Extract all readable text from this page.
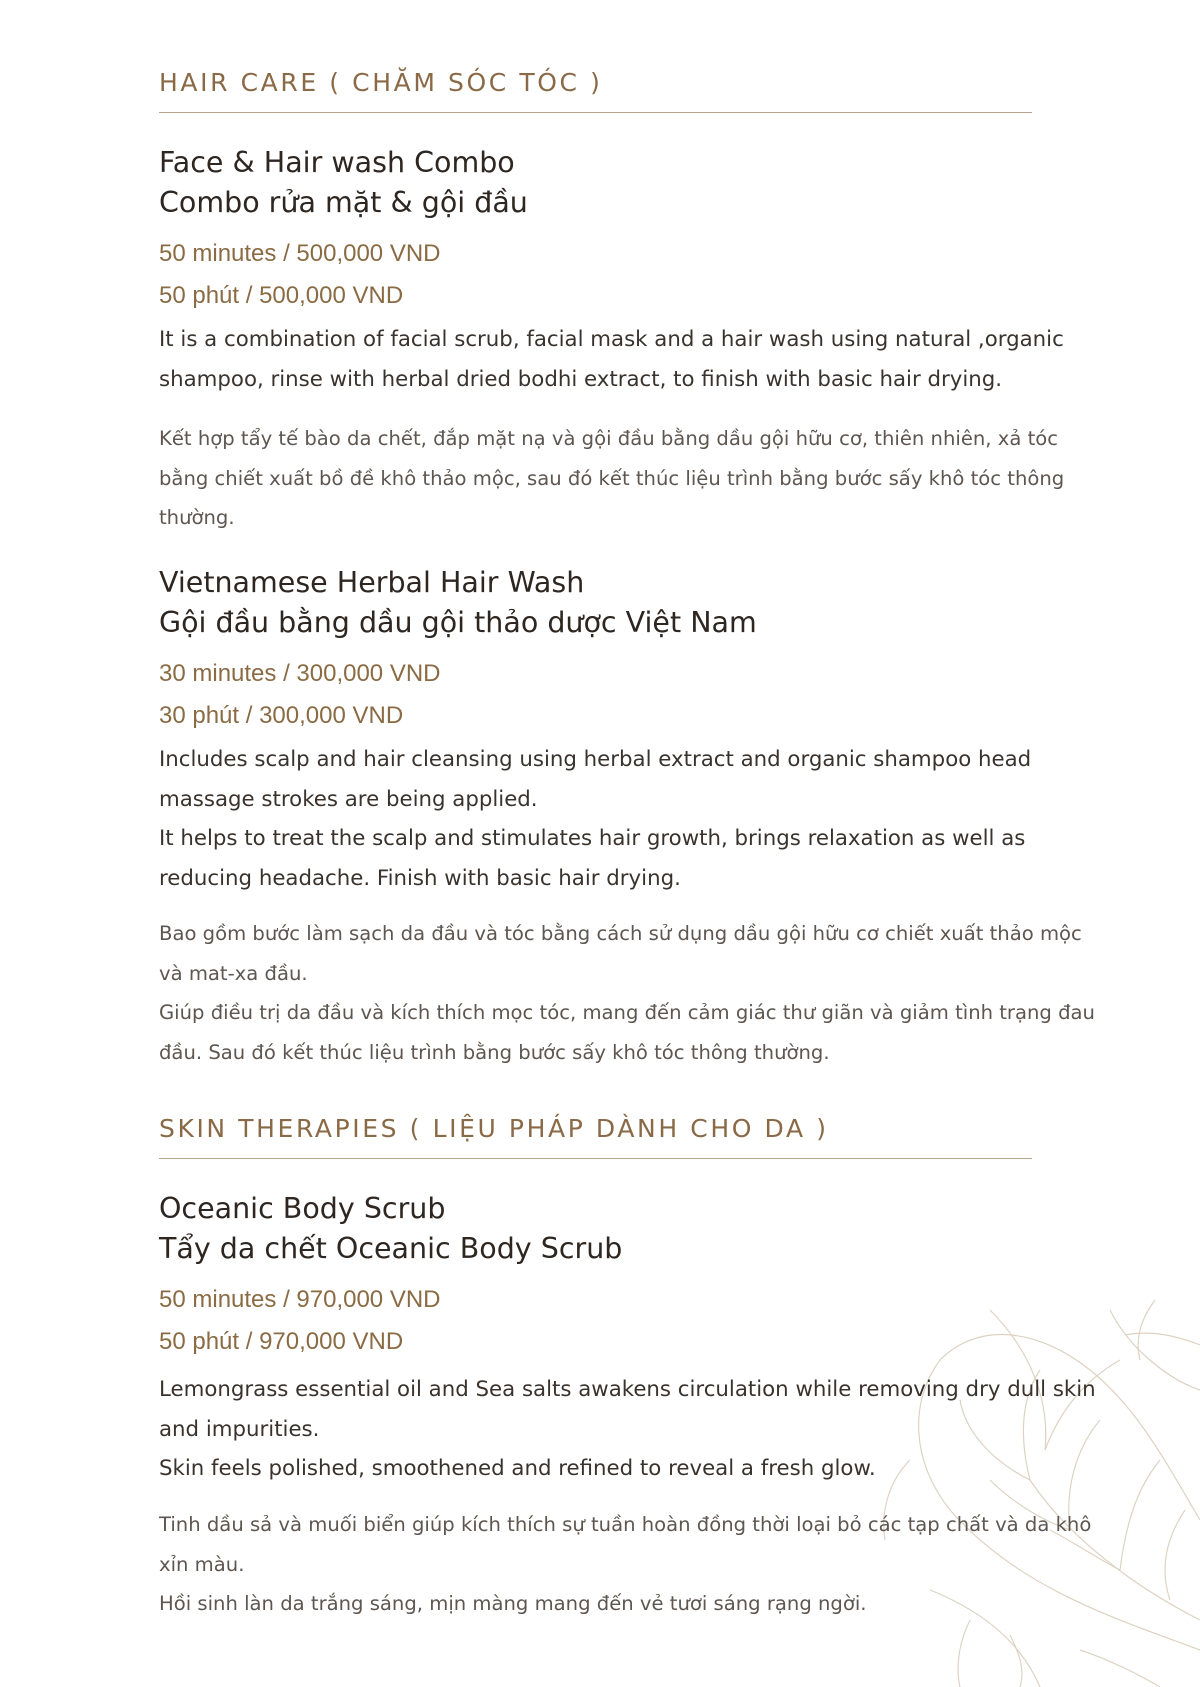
HAIR CARE ( CHĂM SÓC TÓC )
Face & Hair wash Combo
Combo rửa mặt & gội đầu
50 minutes / 500,000 VND
50 phút / 500,000 VND
It is a combination of facial scrub, facial mask and a hair wash using natural ,organic shampoo, rinse with herbal dried bodhi extract, to finish with basic hair drying.
Kết hợp tẩy tế bào da chết, đắp mặt nạ và gội đầu bằng dầu gội hữu cơ, thiên nhiên, xả tóc bằng chiết xuất bồ đề khô thảo mộc, sau đó kết thúc liệu trình bằng bước sấy khô tóc thông thường.
Vietnamese Herbal Hair Wash
Gội đầu bằng dầu gội thảo dược Việt Nam
30 minutes / 300,000 VND
30 phút / 300,000 VND
Includes scalp and hair cleansing using herbal extract and organic shampoo head massage strokes are being applied.
It helps to treat the scalp and stimulates hair growth, brings relaxation as well as reducing headache. Finish with basic hair drying.
Bao gồm bước làm sạch da đầu và tóc bằng cách sử dụng dầu gội hữu cơ chiết xuất thảo mộc và mat-xa đầu.
Giúp điều trị da đầu và kích thích mọc tóc, mang đến cảm giác thư giãn và giảm tình trạng đau đầu. Sau đó kết thúc liệu trình bằng bước sấy khô tóc thông thường.
SKIN THERAPIES ( LIỆU PHÁP DÀNH CHO DA )
Oceanic Body Scrub
Tẩy da chết Oceanic Body Scrub
50 minutes / 970,000 VND
50 phút / 970,000 VND
Lemongrass essential oil and Sea salts awakens circulation while removing dry dull skin and impurities.
Skin feels polished, smoothened and refined to reveal a fresh glow.
Tinh dầu sả và muối biển giúp kích thích sự tuần hoàn đồng thời loại bỏ các tạp chất và da khô xỉn màu.
Hồi sinh làn da trắng sáng, mịn màng mang đến vẻ tươi sáng rạng ngời.
